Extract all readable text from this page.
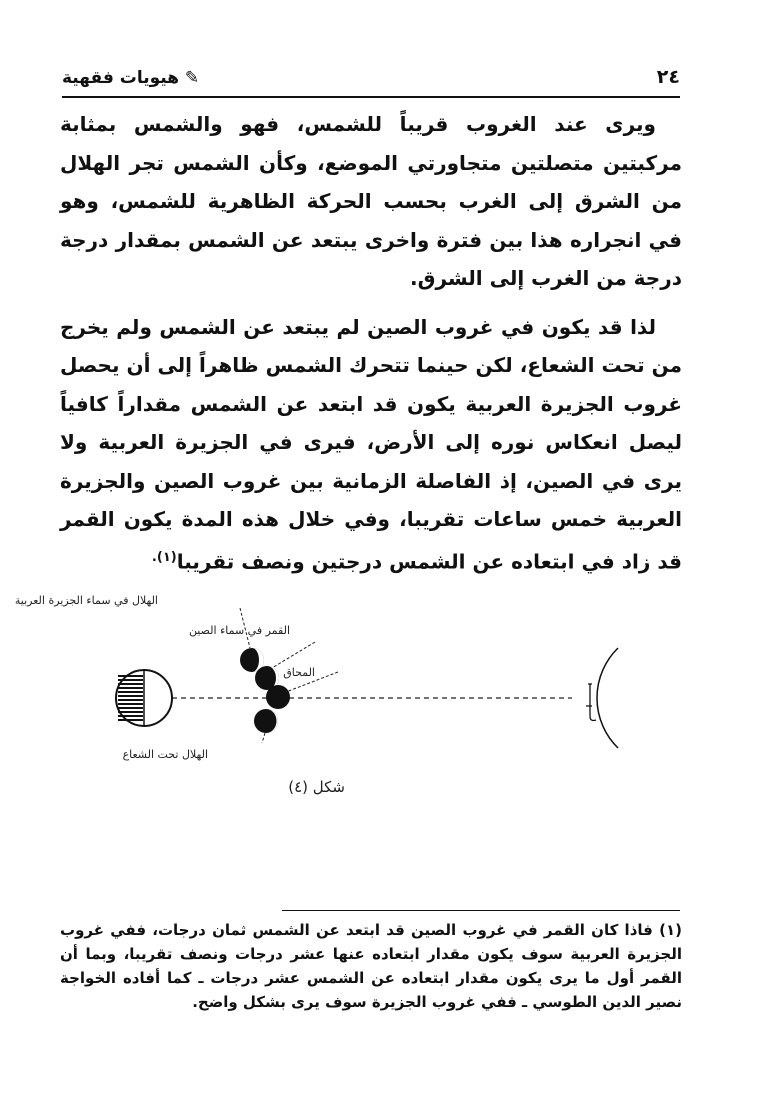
٢٤
✎ هيويات فقهية

ويرى عند الغروب قريباً للشمس، فهو والشمس بمثابة مركبتين متصلتين متجاورتي الموضع، وكأن الشمس تجر الهلال من الشرق إلى الغرب بحسب الحركة الظاهرية للشمس، وهو في انجراره هذا بين فترة واخرى يبتعد عن الشمس بمقدار درجة درجة من الغرب إلى الشرق.

لذا قد يكون في غروب الصين لم يبتعد عن الشمس ولم يخرج من تحت الشعاع، لكن حينما تتحرك الشمس ظاهراً إلى أن يحصل غروب الجزيرة العربية يكون قد ابتعد عن الشمس مقداراً كافياً ليصل انعكاس نوره إلى الأرض، فيرى في الجزيرة العربية ولا يرى في الصين، إذ الفاصلة الزمانية بين غروب الصين والجزيرة العربية خمس ساعات تقريبا، وفي خلال هذه المدة يكون القمر قد زاد في ابتعاده عن الشمس درجتين ونصف تقريبا$^{(١).}$

الهلال في سماء الجزيرة العربية
القمر في سماء الصين
المحاق
الهلال تحت الشعاع
شكل (٤)
(١) فاذا كان القمر في غروب الصين قد ابتعد عن الشمس ثمان درجات، ففي غروب الجزيرة العربية سوف يكون مقدار ابتعاده عنها عشر درجات ونصف تقريبا، وبما أن القمر أول ما يرى يكون مقدار ابتعاده عن الشمس عشر درجات ـ كما أفاده الخواجة نصير الدين الطوسي ـ ففي غروب الجزيرة سوف يرى بشكل واضح.
